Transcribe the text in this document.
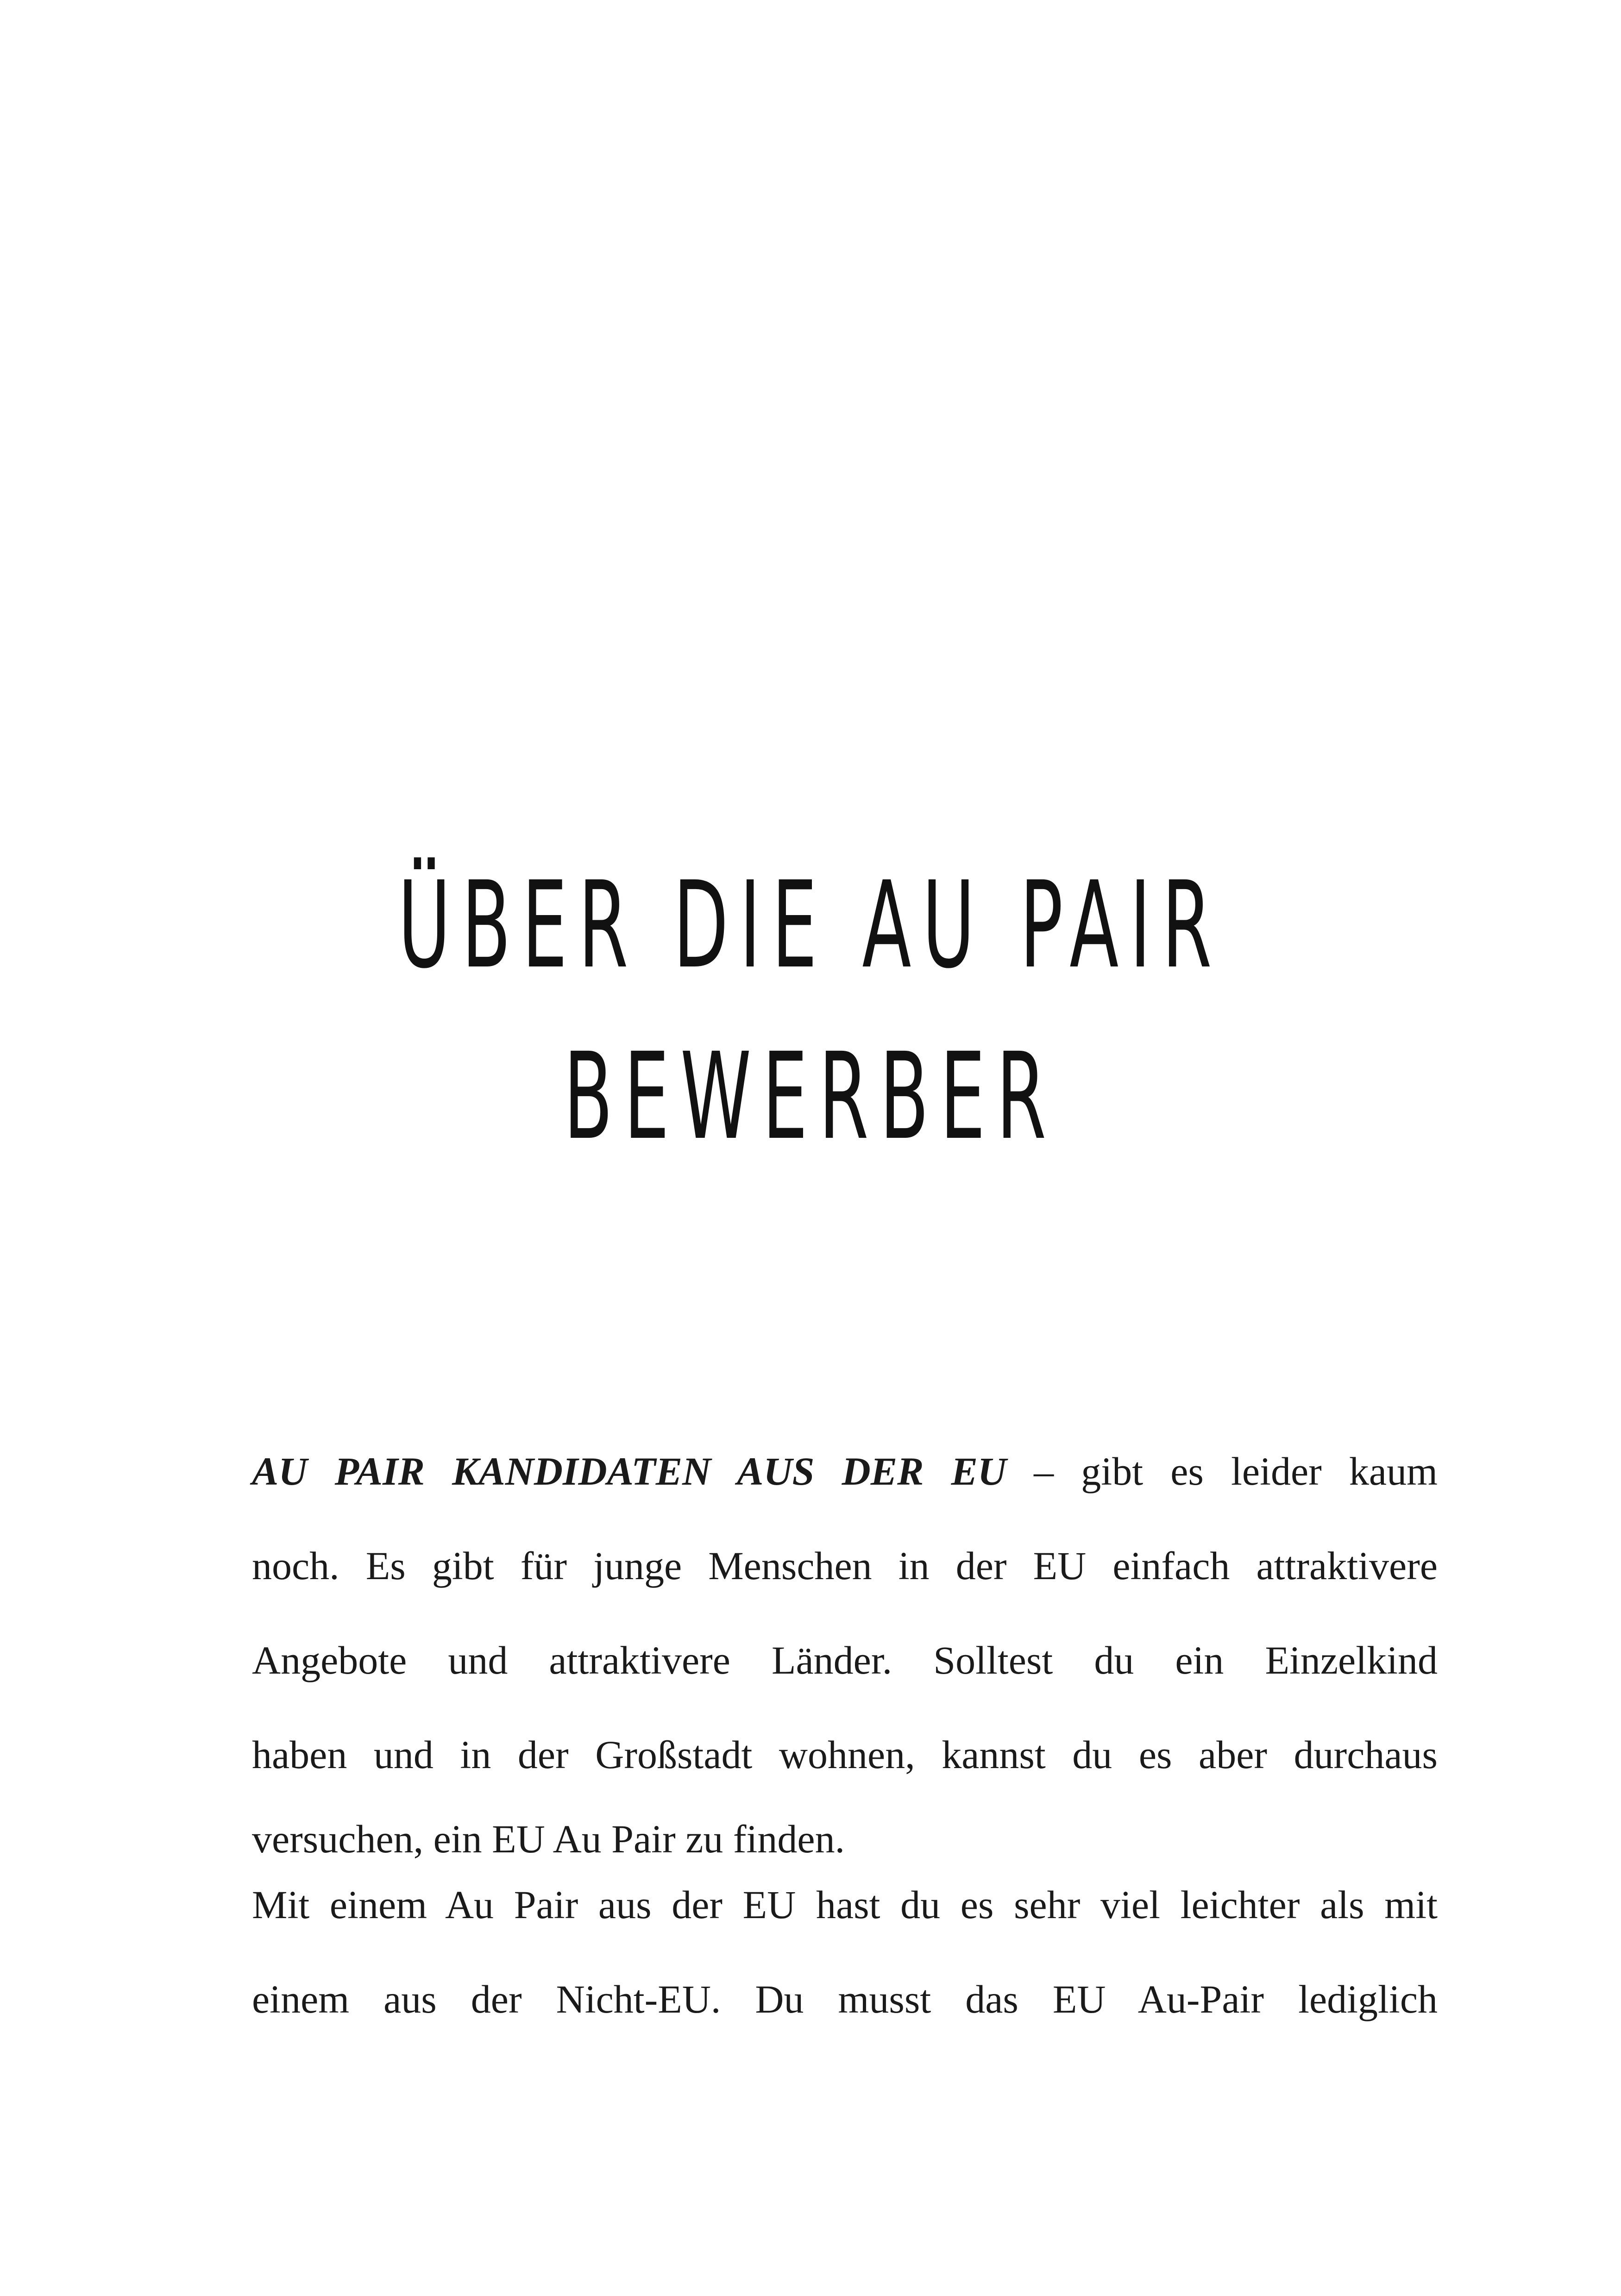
ÜBER DIE AU PAIR
BEWERBER
AU PAIR KANDIDATEN AUS DER EU – gibt es leider kaum
noch. Es gibt für junge Menschen in der EU einfach attraktivere
Angebote und attraktivere Länder. Solltest du ein Einzelkind
haben und in der Großstadt wohnen, kannst du es aber durchaus
versuchen, ein EU Au Pair zu finden.
Mit einem Au Pair aus der EU hast du es sehr viel leichter als mit
einem aus der Nicht-EU. Du musst das EU Au-Pair lediglich
